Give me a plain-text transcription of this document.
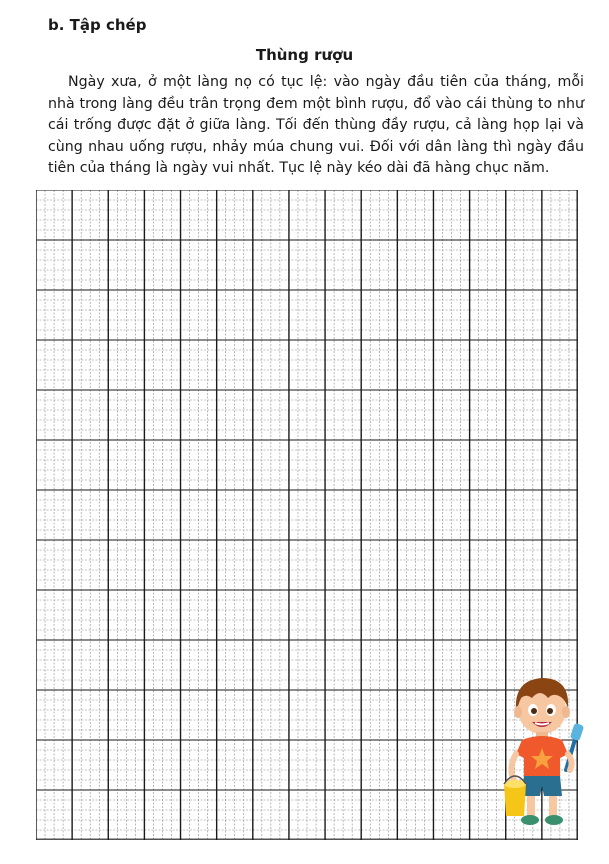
b. Tập chép
Thùng rượu

Ngày xưa, ở một làng nọ có tục lệ: vào ngày đầu tiên của tháng, mỗi nhà trong làng đều trân trọng đem một bình rượu, đổ vào cái thùng to như cái trống được đặt ở giữa làng. Tối đến thùng đầy rượu, cả làng họp lại và cùng nhau uống rượu, nhảy múa chung vui. Đối với dân làng thì ngày đầu tiên của tháng là ngày vui nhất. Tục lệ này kéo dài đã hàng chục năm.
